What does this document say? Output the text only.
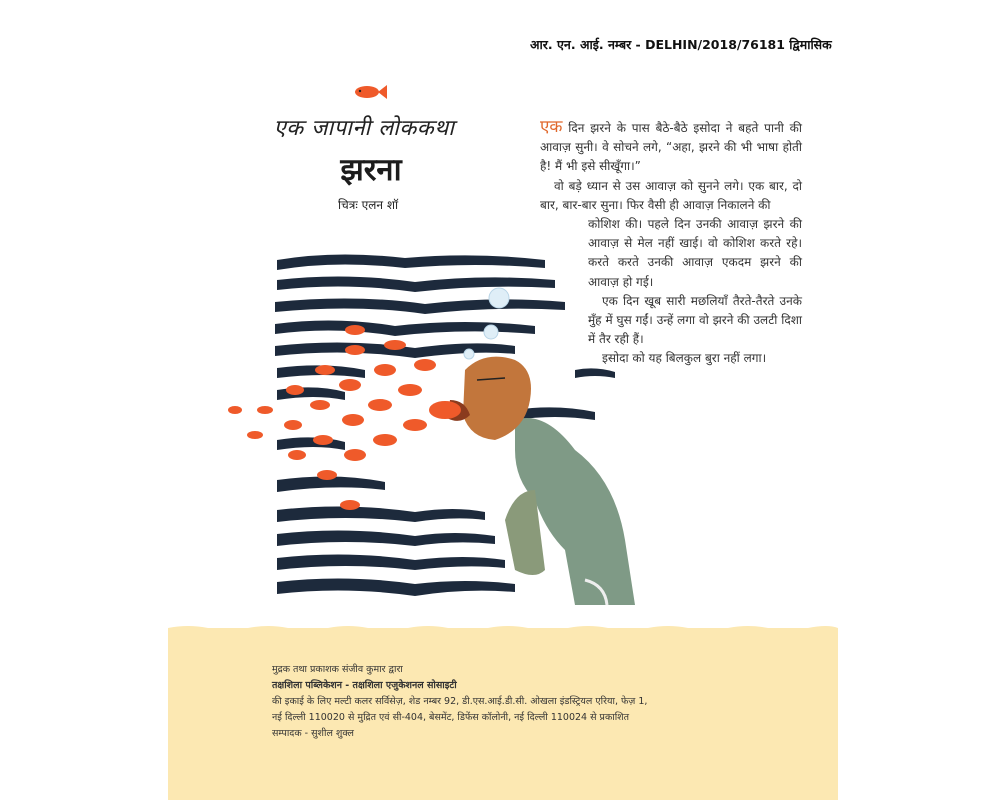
आर. एन. आई. नम्बर - DELHIN/2018/76181 द्विमासिक
एक जापानी लोककथा
झरना
चित्रः एलन शॉ

एक दिन झरने के पास बैठे-बैठे इसोदा ने बहते पानी की आवाज़ सुनी। वे सोचने लगे, “अहा, झरने की भी भाषा होती है! मैं भी इसे सीखूँगा।”

वो बड़े ध्यान से उस आवाज़ को सुनने लगे। एक बार, दो बार, बार-बार सुना। फिर वैसी ही आवाज़ निकालने की

कोशिश की। पहले दिन उनकी आवाज़ झरने की आवाज़ से मेल नहीं खाई। वो कोशिश करते रहे। करते करते उनकी आवाज़ एकदम झरने की आवाज़ हो गई।

एक दिन खूब सारी मछलियाँ तैरते-तैरते उनके मुँह में घुस गईं। उन्हें लगा वो झरने की उलटी दिशा में तैर रही हैं।

इसोदा को यह बिलकुल बुरा नहीं लगा।

मुद्रक तथा प्रकाशक संजीव कुमार द्वारा
तक्षशिला पब्लिकेशन - तक्षशिला एजुकेशनल सोसाइटी
की इकाई के लिए मल्टी कलर सर्विसेज़, शेड नम्बर 92, डी.एस.आई.डी.सी. ओखला इंडस्ट्रियल एरिया, फेज़ 1,
नई दिल्ली 110020 से मुद्रित एवं सी-404, बेसमेंट, डिफेंस कॉलोनी, नई दिल्ली 110024 से प्रकाशित
सम्पादक - सुशील शुक्ल
